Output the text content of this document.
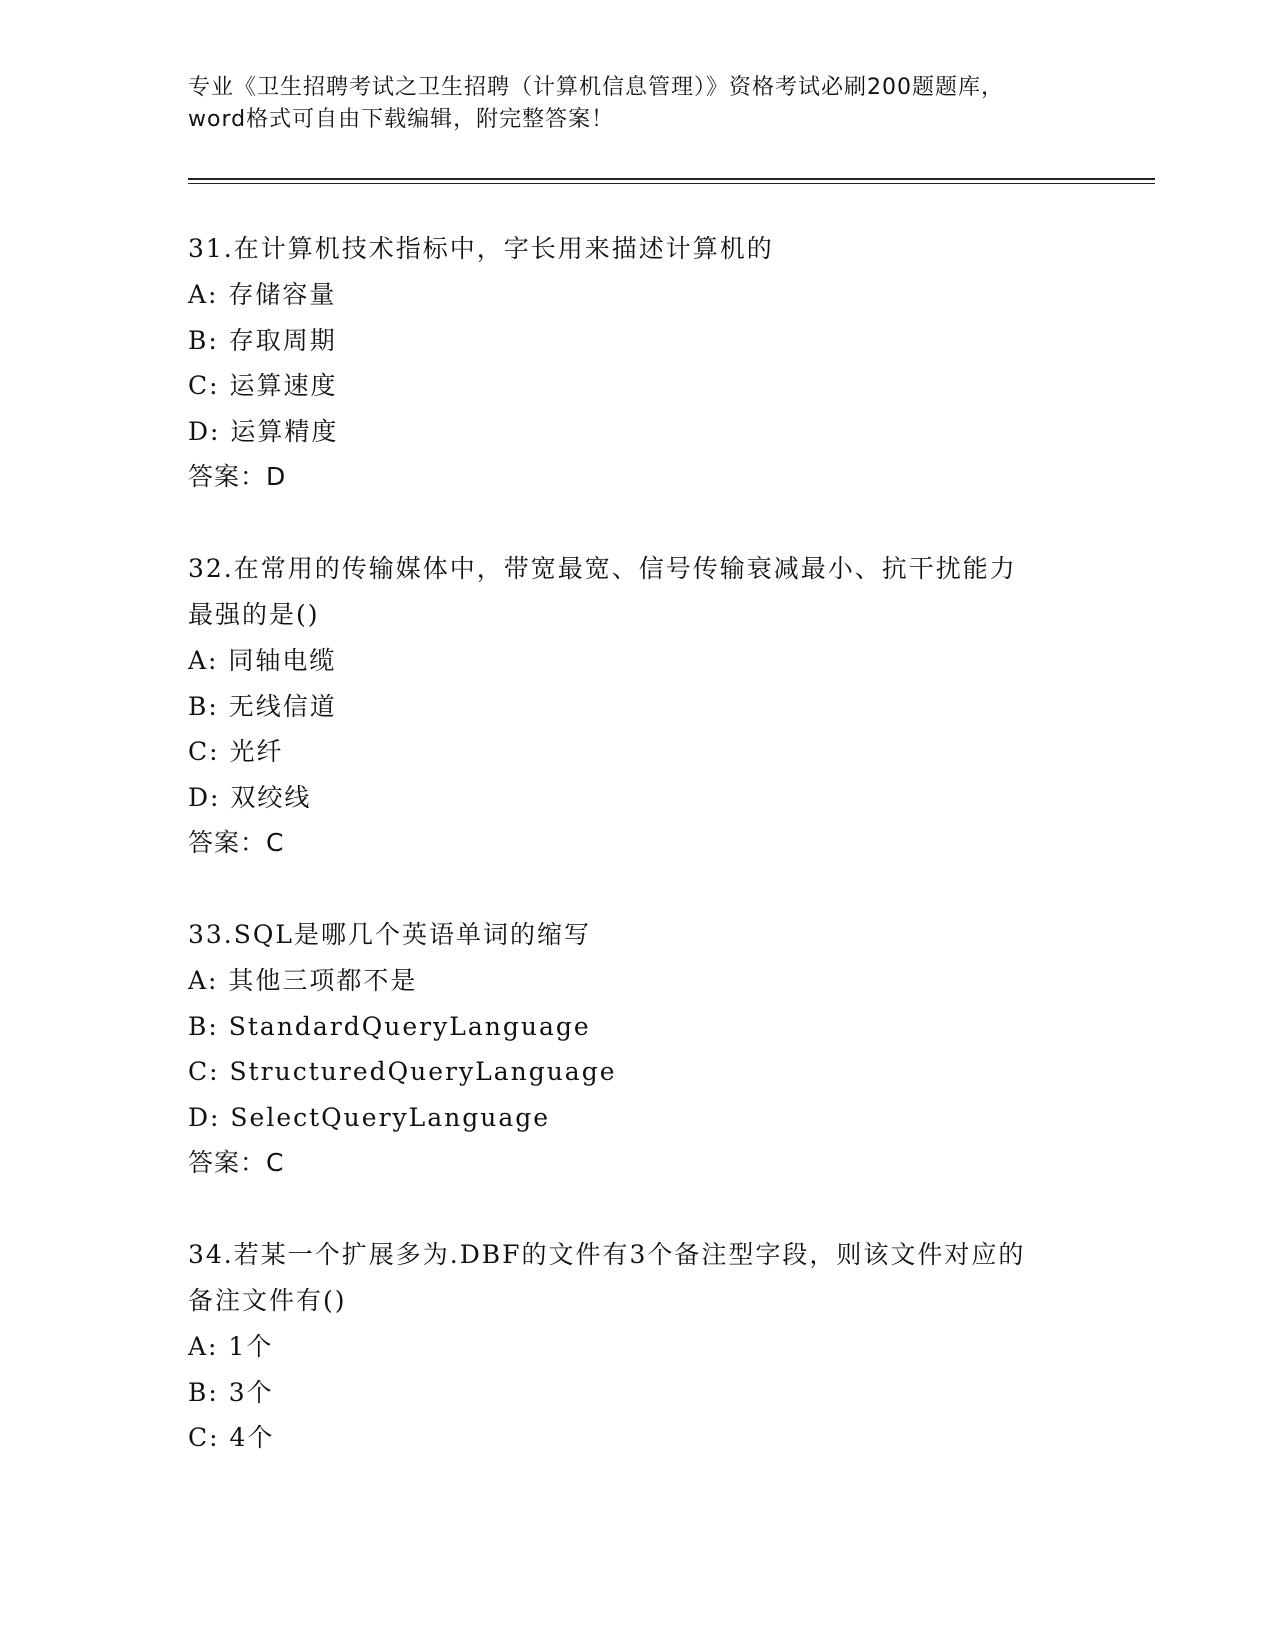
专业《卫生招聘考试之卫生招聘（计算机信息管理）》资格考试必刷200题题库，
word格式可自由下载编辑，附完整答案！
31.在计算机技术指标中，字长用来描述计算机的
A: 存储容量
B: 存取周期
C: 运算速度
D: 运算精度
答案：D
32.在常用的传输媒体中，带宽最宽、信号传输衰减最小、抗干扰能力
最强的是()
A: 同轴电缆
B: 无线信道
C: 光纤
D: 双绞线
答案：C
33.SQL是哪几个英语单词的缩写
A: 其他三项都不是
B: StandardQueryLanguage
C: StructuredQueryLanguage
D: SelectQueryLanguage
答案：C
34.若某一个扩展多为.DBF的文件有3个备注型字段，则该文件对应的
备注文件有()
A: 1个
B: 3个
C: 4个
